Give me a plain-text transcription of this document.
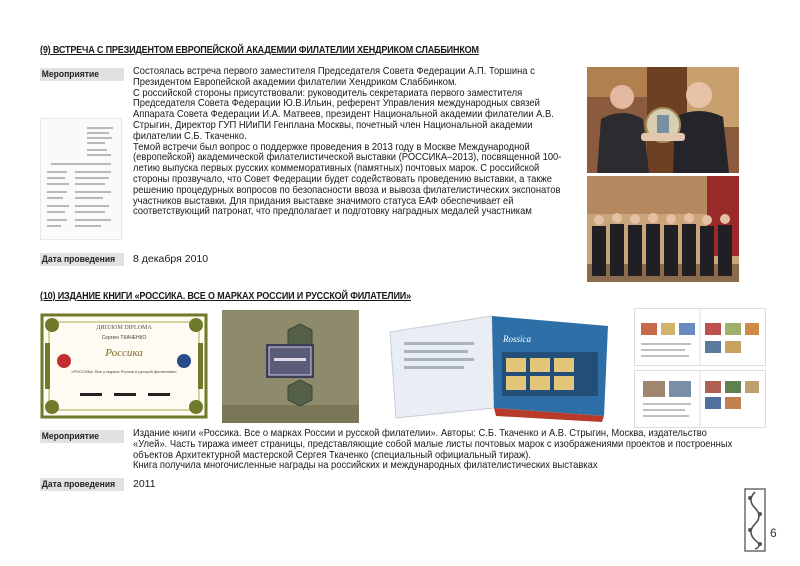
(9) ВСТРЕЧА С ПРЕЗИДЕНТОМ ЕВРОПЕЙСКОЙ АКАДЕМИИ ФИЛАТЕЛИИ ХЕНДРИКОМ СЛАББИНКОМ
Мероприятие	Состоялась встреча первого заместителя Председателя Совета Федерации А.П. Торшина с Президентом Европейской академии филателии Хендриком Слаббинком.

С российской стороны присутствовали: руководитель секретариата первого заместителя Председателя Совета Федерации Ю.В.Ильин, референт Управления международных связей Аппарата Совета Федерации И.А. Матвеев, президент Национальной академии филателии А.В. Стрыгин, Директор ГУП НИиПИ Генплана Москвы, почетный член Национальной академии филателии С.Б. Ткаченко.

Темой встречи был вопрос о поддержке проведения в 2013 году в Москве Международной (европейской) академической филателистической выставки (РОССИКА–2013), посвященной 100-летию выпуска первых русских коммеморативных (памятных) почтовых марок. С российской стороны прозвучало, что Совет Федерации будет содействовать проведению выставки, а также решению процедурных вопросов по безопасности ввоза и вывоза филателистических экспонатов участников выставки. Для придания выставке значимого статуса ЕАФ обеспечивает ей соответствующий патронат, что предполагает и подготовку наградных медалей участникам

Дата проведения 8 декабря 2010
(10) ИЗДАНИЕ КНИГИ «РОССИКА. ВСЕ О МАРКАХ РОССИИ И РУССКОЙ ФИЛАТЕЛИИ»
ДИПЛОМ DIPLOMA
Сергею ТКАЧЕНКО
Россика
«РОССИКА. Все о марках России и русской филателии»
Rossica
Мероприятие	Издание книги «Россика. Все о марках России и русской филателии». Авторы: С.Б. Ткаченко и А.В. Стрыгин, Москва, издательство «Улей». Часть тиража имеет страницы, представляющие собой малые листы почтовых марок с изображениями проектов и построенных объектов Архитектурной мастерской Сергея Ткаченко (специальный официальный тираж).

Книга получила многочисленные награды на российских и международных филателистических выставках

Дата проведения 2011
6
